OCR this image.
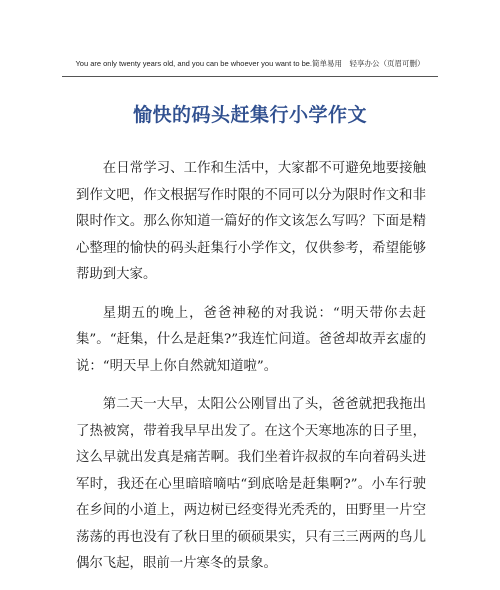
You are only twenty years old, and you can be whoever you want to be.简单易用　轻享办公（页眉可删）
愉快的码头赶集行小学作文

在日常学习、工作和生活中，大家都不可避免地要接触到作文吧，作文根据写作时限的不同可以分为限时作文和非限时作文。那么你知道一篇好的作文该怎么写吗？下面是精心整理的愉快的码头赶集行小学作文，仅供参考，希望能够帮助到大家。

星期五的晚上，爸爸神秘的对我说：“明天带你去赶集”。“赶集，什么是赶集?”我连忙问道。爸爸却故弄玄虚的说：“明天早上你自然就知道啦”。

第二天一大早，太阳公公刚冒出了头，爸爸就把我拖出了热被窝，带着我早早出发了。在这个天寒地冻的日子里，这么早就出发真是痛苦啊。我们坐着许叔叔的车向着码头进军时，我还在心里暗暗嘀咕“到底啥是赶集啊?”。小车行驶在乡间的小道上，两边树已经变得光秃秃的，田野里一片空荡荡的再也没有了秋日里的硕硕果实，只有三三两两的鸟儿偶尔飞起，眼前一片寒冬的景象。
